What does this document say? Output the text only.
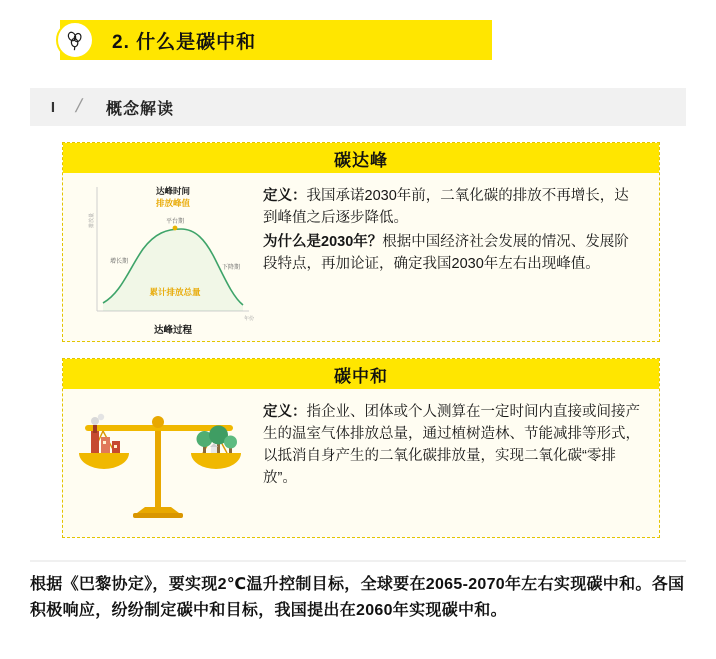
2. 什么是碳中和
I /	概念解读
碳达峰
排放量
年份
达峰时间
排放峰值
平台期
增长期
下降期
累计排放总量
达峰过程

定义：我国承诺2030年前，二氧化碳的排放不再增长，达到峰值之后逐步降低。

为什么是2030年？根据中国经济社会发展的情况、发展阶段特点，再加论证，确定我国2030年左右出现峰值。

碳中和

定义：指企业、团体或个人测算在一定时间内直接或间接产生的温室气体排放总量，通过植树造林、节能减排等形式，以抵消自身产生的二氧化碳排放量，实现二氧化碳“零排放”。

根据《巴黎协定》，要实现2℃温升控制目标，全球要在2065-2070年左右实现碳中和。各国积极响应，纷纷制定碳中和目标，我国提出在2060年实现碳中和。
